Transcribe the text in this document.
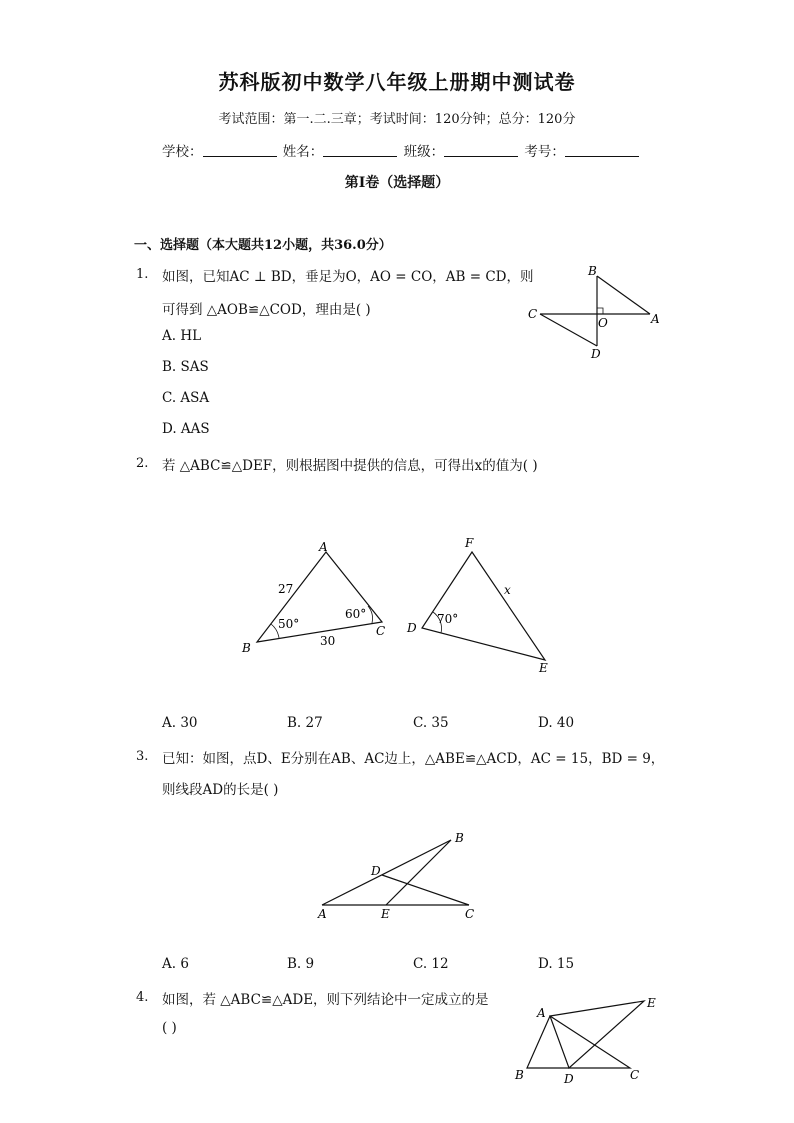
苏科版初中数学八年级上册期中测试卷
考试范围：第一.二.三章；考试时间：120分钟；总分：120分
学校：	姓名：	班级：	考号：
第I卷（选择题）
一、选择题（本大题共12小题，共36.0分）
1. 如图，已知AC ⊥ BD，垂足为O，AO = CO，AB = CD，则
可得到 △AOB≌△COD，理由是( )
A. HL
B. SAS
C. ASA
D. AAS
B
C
O	A
D
2. 若 △ABC≌△DEF，则根据图中提供的信息，可得出x的值为( )
A
B
C
27
60°
50°
30
F
D
E
x
70°
A. 30	B. 27	C. 35	D. 40
3. 已知：如图，点D、E分别在AB、AC边上，△ABE≌△ACD，AC = 15，BD = 9，
则线段AD的长是( )
B
D
A	E	C
A. 6	B. 9	C. 12	D. 15
4. 如图，若 △ABC≌△ADE，则下列结论中一定成立的是
( )
A
E
B	D	C
